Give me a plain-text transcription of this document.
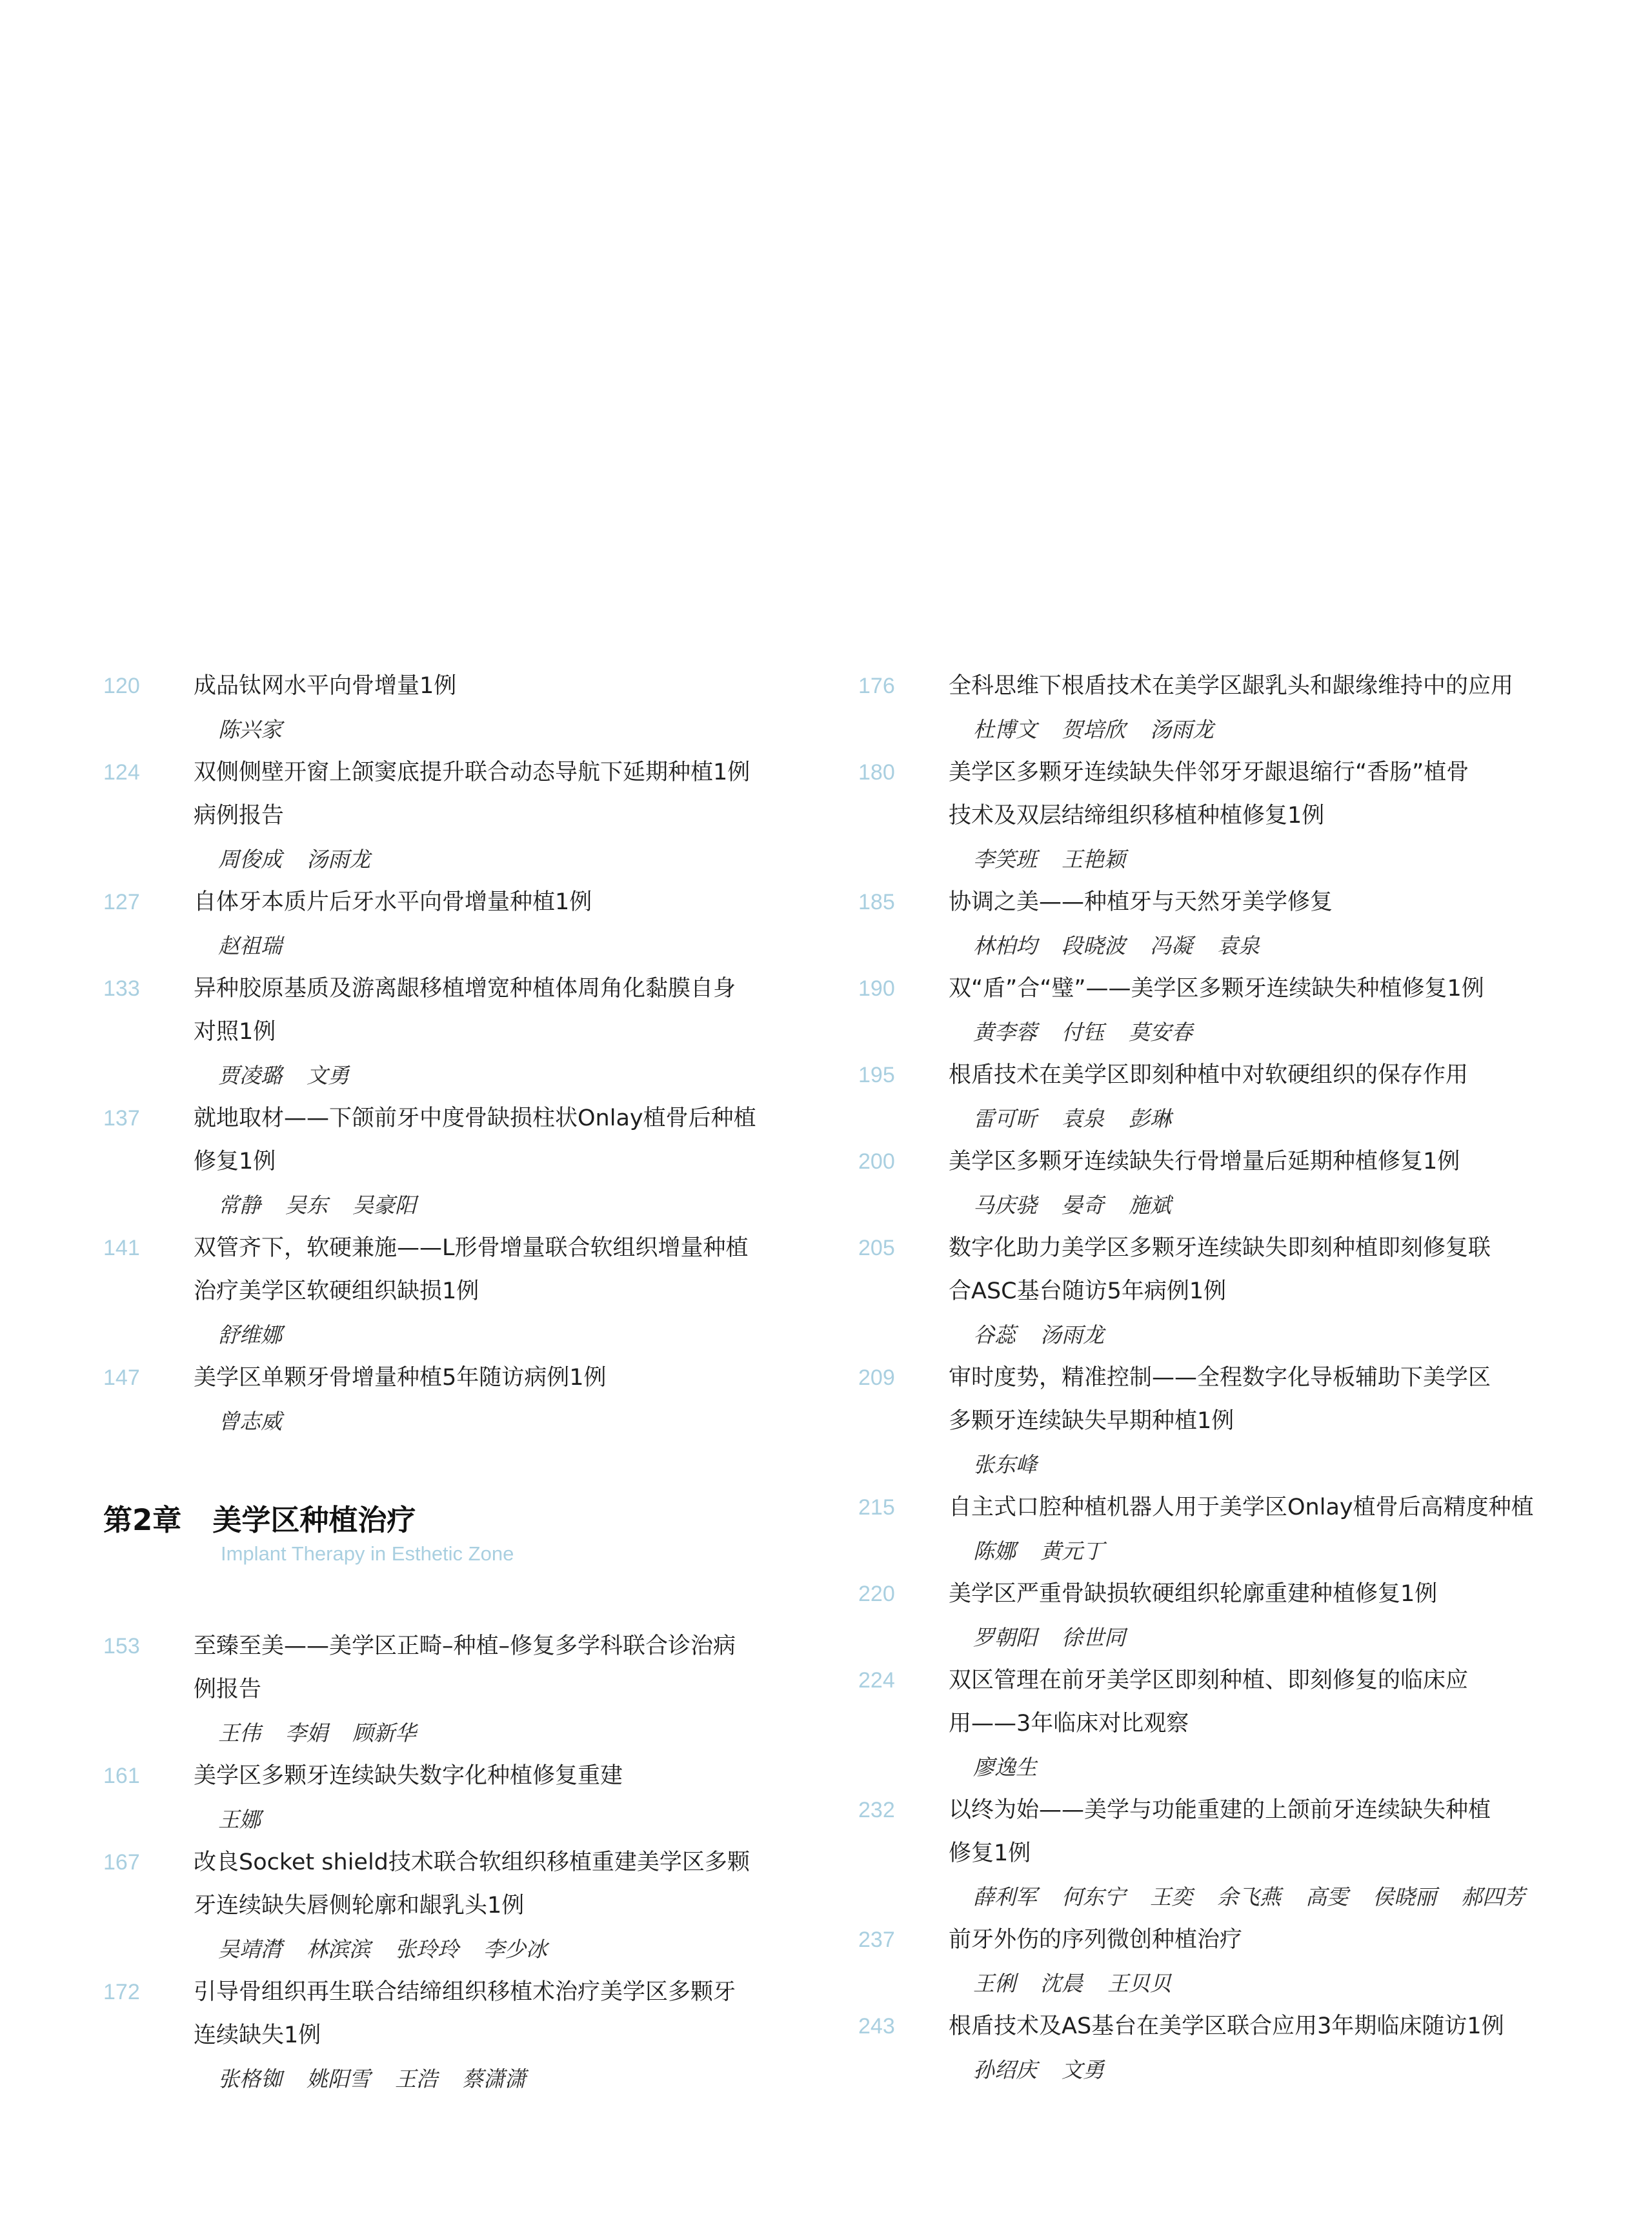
120	成品钛网水平向骨增量1例
陈兴家
124	双侧侧壁开窗上颌窦底提升联合动态导航下延期种植1例
病例报告
周俊成 汤雨龙
127	自体牙本质片后牙水平向骨增量种植1例
赵祖瑞
133	异种胶原基质及游离龈移植增宽种植体周角化黏膜自身
对照1例
贾凌璐 文勇
137	就地取材——下颌前牙中度骨缺损柱状Onlay植骨后种植
修复1例
常静 吴东 吴豪阳
141	双管齐下，软硬兼施——L形骨增量联合软组织增量种植
治疗美学区软硬组织缺损1例
舒维娜
147	美学区单颗牙骨增量种植5年随访病例1例
曾志威
第2章 美学区种植治疗
Implant Therapy in Esthetic Zone
153	至臻至美——美学区正畸–种植–修复多学科联合诊治病
例报告
王伟 李娟 顾新华
161	美学区多颗牙连续缺失数字化种植修复重建
王娜
167	改良Socket shield技术联合软组织移植重建美学区多颗
牙连续缺失唇侧轮廓和龈乳头1例
吴靖潸 林滨滨 张玲玲 李少冰
172	引导骨组织再生联合结缔组织移植术治疗美学区多颗牙
连续缺失1例
张格铷 姚阳雪 王浩 蔡潇潇
176	全科思维下根盾技术在美学区龈乳头和龈缘维持中的应用
杜博文 贺培欣 汤雨龙
180	美学区多颗牙连续缺失伴邻牙牙龈退缩行“香肠”植骨
技术及双层结缔组织移植种植修复1例
李笑班 王艳颖
185	协调之美——种植牙与天然牙美学修复
林柏均 段晓波 冯凝 袁泉
190	双“盾”合“璧”——美学区多颗牙连续缺失种植修复1例
黄李蓉 付钰 莫安春
195	根盾技术在美学区即刻种植中对软硬组织的保存作用
雷可昕 袁泉 彭琳
200	美学区多颗牙连续缺失行骨增量后延期种植修复1例
马庆骁 晏奇 施斌
205	数字化助力美学区多颗牙连续缺失即刻种植即刻修复联
合ASC基台随访5年病例1例
谷蕊 汤雨龙
209	审时度势，精准控制——全程数字化导板辅助下美学区
多颗牙连续缺失早期种植1例
张东峰
215	自主式口腔种植机器人用于美学区Onlay植骨后高精度种植
陈娜 黄元丁
220	美学区严重骨缺损软硬组织轮廓重建种植修复1例
罗朝阳 徐世同
224	双区管理在前牙美学区即刻种植、即刻修复的临床应
用——3年临床对比观察
廖逸生
232	以终为始——美学与功能重建的上颌前牙连续缺失种植
修复1例
薛利军 何东宁 王奕 余飞燕 高雯 侯晓丽 郝四芳
237	前牙外伤的序列微创种植治疗
王俐 沈晨 王贝贝
243	根盾技术及AS基台在美学区联合应用3年期临床随访1例
孙绍庆 文勇
